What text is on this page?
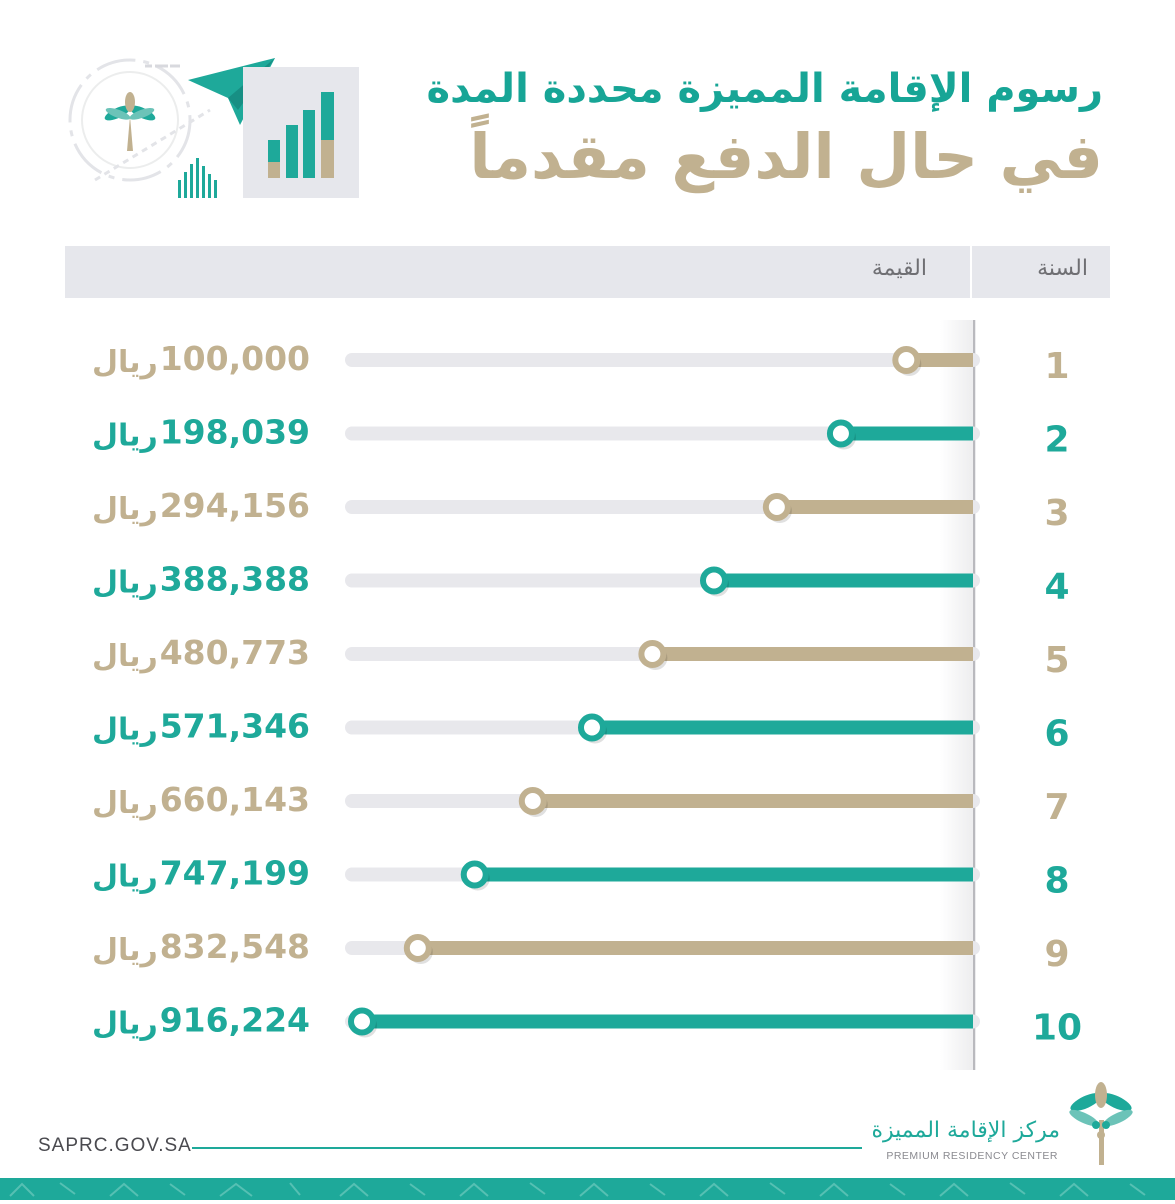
رسوم الإقامة المميزة محددة المدة
في حال الدفع مقدماً
السنة
القيمة
1
100,000
ريال
2
198,039
ريال
3
294,156
ريال
4
388,388
ريال
5
480,773
ريال
6
571,346
ريال
7
660,143
ريال
8
747,199
ريال
9
832,548
ريال
10
916,224
ريال
SAPRC.GOV.SA
مركز الإقامة المميزة
PREMIUM RESIDENCY CENTER
